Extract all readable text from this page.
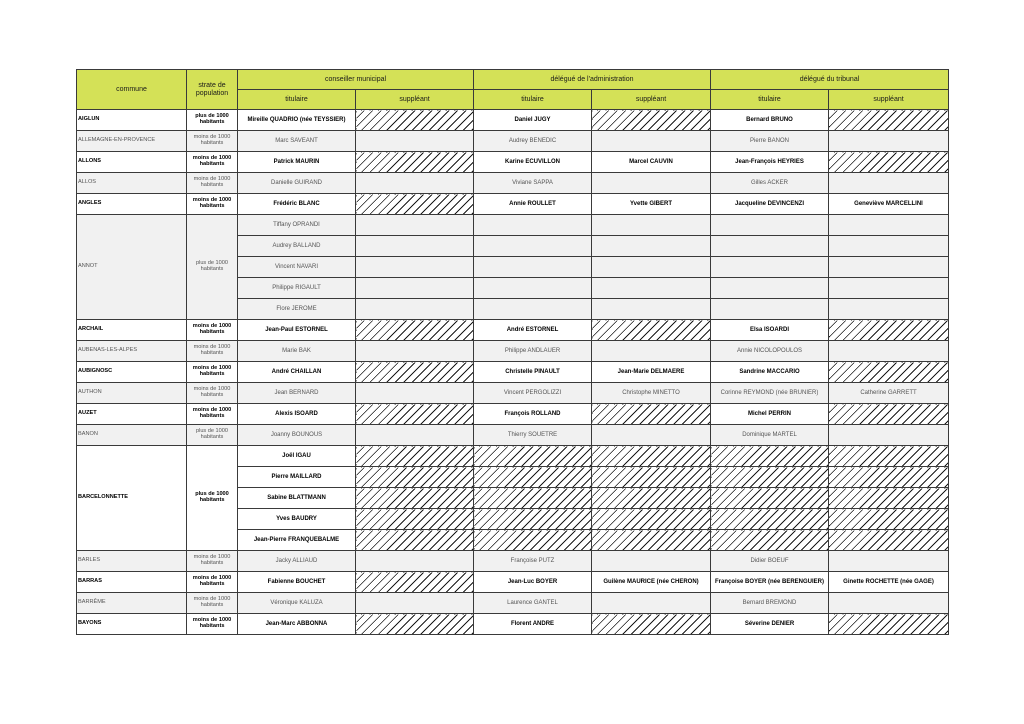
commune	strate de population	conseiller municipal		délégué de l'administration		délégué du tribunal	
		titulaire	suppléant	titulaire	suppléant	titulaire	suppléant
AIGLUN	plus de 1000 habitants	Mireille QUADRIO (née TEYSSIER)		Daniel JUGY		Bernard BRUNO	
ALLEMAGNE-EN-PROVENCE	moins de 1000 habitants	Marc SAVEANT		Audrey BENEDIC		Pierre BANON	
ALLONS	moins de 1000 habitants	Patrick MAURIN		Karine ECUVILLON	Marcel CAUVIN	Jean-François HEYRIES	
ALLOS	moins de 1000 habitants	Danielle GUIRAND		Viviane SAPPA		Gilles ACKER	
ANGLES	moins de 1000 habitants	Frédéric BLANC		Annie ROULLET	Yvette GIBERT	Jacqueline DEVINCENZI	Geneviève MARCELLINI
ANNOT	plus de 1000 habitants	Tiffany OPRANDI					
		Audrey BALLAND					
		Vincent NAVARI					
		Philippe RIGAULT					
		Flore JEROME					
ARCHAIL	moins de 1000 habitants	Jean-Paul ESTORNEL		André ESTORNEL		Elsa ISOARDI	
AUBENAS-LES-ALPES	moins de 1000 habitants	Marie BAK		Philippe ANDLAUER		Annie NICOLOPOULOS	
AUBIGNOSC	moins de 1000 habitants	André CHAILLAN		Christelle PINAULT	Jean-Marie DELMAERE	Sandrine MACCARIO	
AUTHON	moins de 1000 habitants	Jean BERNARD		Vincent PERGOLIZZI	Christophe MINETTO	Corinne REYMOND (née BRUNIER)	Catherine GARRETT
AUZET	moins de 1000 habitants	Alexis ISOARD		François ROLLAND		Michel PERRIN	
BANON	plus de 1000 habitants	Joanny BOUNOUS		Thierry SOUETRE		Dominique MARTEL	
BARCELONNETTE	plus de 1000 habitants	Joël IGAU					
		Pierre MAILLARD					
		Sabine BLATTMANN					
		Yves BAUDRY					
		Jean-Pierre FRANQUEBALME					
BARLES	moins de 1000 habitants	Jacky ALLIAUD		Françoise PUTZ		Didier BOEUF	
BARRAS	moins de 1000 habitants	Fabienne BOUCHET		Jean-Luc BOYER	Guilène MAURICE (née CHERON)	Françoise BOYER (née BERENGUIER)	Ginette ROCHETTE (née GAGE)
BARRÊME	moins de 1000 habitants	Véronique KALUZA		Laurence GANTEL		Bernard BREMOND	
BAYONS	moins de 1000 habitants	Jean-Marc ABBONNA		Florent ANDRE		Séverine DENIER	
